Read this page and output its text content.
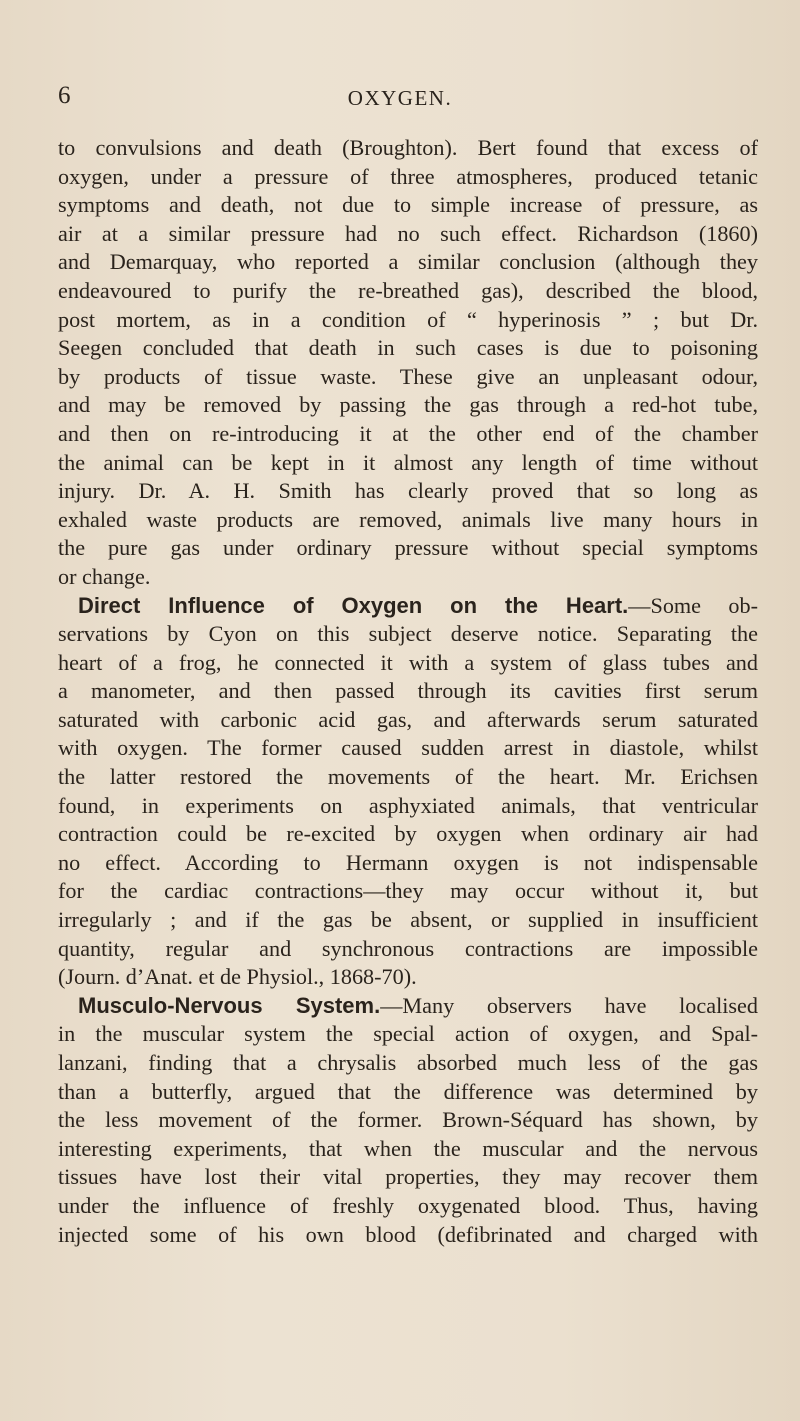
6	OXYGEN.
to convulsions and death (Broughton). Bert found that excess of
oxygen, under a pressure of three atmospheres, produced tetanic
symptoms and death, not due to simple increase of pressure, as
air at a similar pressure had no such effect. Richardson (1860)
and Demarquay, who reported a similar conclusion (although they
endeavoured to purify the re-breathed gas), described the blood,
post mortem, as in a condition of “ hyperinosis ” ; but Dr.
Seegen concluded that death in such cases is due to poisoning
by products of tissue waste. These give an unpleasant odour,
and may be removed by passing the gas through a red-hot tube,
and then on re-introducing it at the other end of the chamber
the animal can be kept in it almost any length of time without
injury. Dr. A. H. Smith has clearly proved that so long as
exhaled waste products are removed, animals live many hours in
the pure gas under ordinary pressure without special symptoms
or change.
Direct Influence of Oxygen on the Heart.—Some ob-
servations by Cyon on this subject deserve notice. Separating the
heart of a frog, he connected it with a system of glass tubes and
a manometer, and then passed through its cavities first serum
saturated with carbonic acid gas, and afterwards serum saturated
with oxygen. The former caused sudden arrest in diastole, whilst
the latter restored the movements of the heart. Mr. Erichsen
found, in experiments on asphyxiated animals, that ventricular
contraction could be re-excited by oxygen when ordinary air had
no effect. According to Hermann oxygen is not indispensable
for the cardiac contractions—they may occur without it, but
irregularly ; and if the gas be absent, or supplied in insufficient
quantity, regular and synchronous contractions are impossible
(Journ. d’Anat. et de Physiol., 1868-70).
Musculo-Nervous System.—Many observers have localised
in the muscular system the special action of oxygen, and Spal-
lanzani, finding that a chrysalis absorbed much less of the gas
than a butterfly, argued that the difference was determined by
the less movement of the former. Brown-Séquard has shown, by
interesting experiments, that when the muscular and the nervous
tissues have lost their vital properties, they may recover them
under the influence of freshly oxygenated blood. Thus, having
injected some of his own blood (defibrinated and charged with
